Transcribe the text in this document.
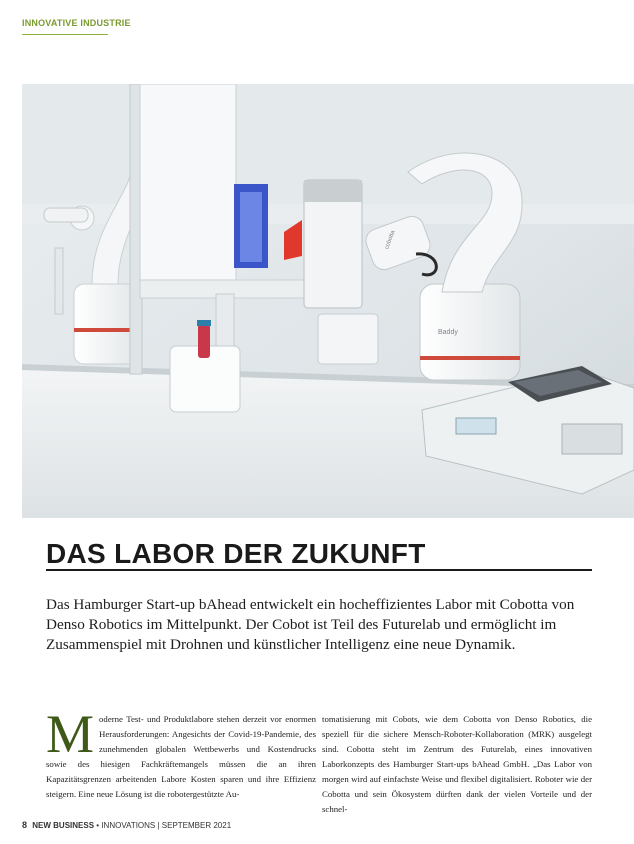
INNOVATIVE INDUSTRIE
Baddy
cobotta
DAS LABOR DER ZUKUNFT

Das Hamburger Start-up bAhead entwickelt ein hocheffizientes Labor mit Cobotta von Denso Robotics im Mittelpunkt. Der Cobot ist Teil des Futurelab und ermöglicht im Zusammenspiel mit Drohnen und künstlicher Intelligenz eine neue Dynamik.

Moderne Test- und Produktlabore stehen derzeit vor enormen Herausforderungen: Angesichts der Covid-19-Pandemie, des zunehmenden globalen Wettbewerbs und Kostendrucks sowie des hiesigen Fachkräftemangels müssen die an ihren Kapazitätsgrenzen arbeitenden Labore Kosten sparen und ihre Effizienz steigern. Eine neue Lösung ist die robotergestützte Au-
tomatisierung mit Cobots, wie dem Cobotta von Denso Robotics, die speziell für die sichere Mensch-Roboter-Kollaboration (MRK) ausgelegt sind. Cobotta steht im Zentrum des Futurelab, eines innovativen Laborkonzepts des Hamburger Start-ups bAhead GmbH. „Das Labor von morgen wird auf einfachste Weise und flexibel digitalisiert. Roboter wie der Cobotta und sein Ökosystem dürften dank der vielen Vorteile und der schnel-
8 NEW BUSINESS • INNOVATIONS | SEPTEMBER 2021
